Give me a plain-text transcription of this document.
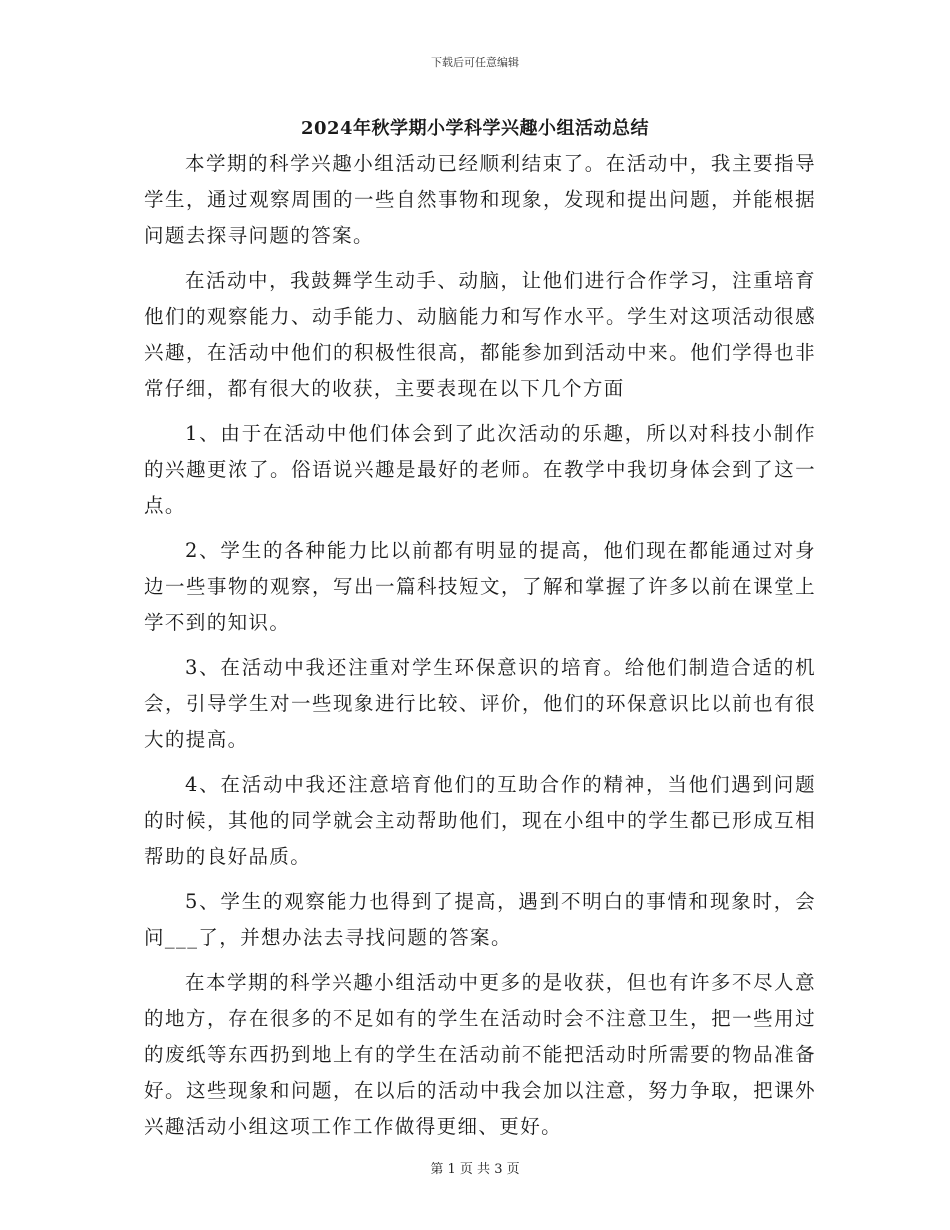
下载后可任意编辑
2024年秋学期小学科学兴趣小组活动总结

本学期的科学兴趣小组活动已经顺利结束了。在活动中，我主要指导学生，通过观察周围的一些自然事物和现象，发现和提出问题，并能根据问题去探寻问题的答案。

在活动中，我鼓舞学生动手、动脑，让他们进行合作学习，注重培育他们的观察能力、动手能力、动脑能力和写作水平。学生对这项活动很感兴趣，在活动中他们的积极性很高，都能参加到活动中来。他们学得也非常仔细，都有很大的收获，主要表现在以下几个方面

1、由于在活动中他们体会到了此次活动的乐趣，所以对科技小制作的兴趣更浓了。俗语说兴趣是最好的老师。在教学中我切身体会到了这一点。

2、学生的各种能力比以前都有明显的提高，他们现在都能通过对身边一些事物的观察，写出一篇科技短文，了解和掌握了许多以前在课堂上学不到的知识。

3、在活动中我还注重对学生环保意识的培育。给他们制造合适的机会，引导学生对一些现象进行比较、评价，他们的环保意识比以前也有很大的提高。

4、在活动中我还注意培育他们的互助合作的精神，当他们遇到问题的时候，其他的同学就会主动帮助他们，现在小组中的学生都已形成互相帮助的良好品质。

5、学生的观察能力也得到了提高，遇到不明白的事情和现象时，会问___了，并想办法去寻找问题的答案。

在本学期的科学兴趣小组活动中更多的是收获，但也有许多不尽人意的地方，存在很多的不足如有的学生在活动时会不注意卫生，把一些用过的废纸等东西扔到地上有的学生在活动前不能把活动时所需要的物品准备好。这些现象和问题，在以后的活动中我会加以注意，努力争取，把课外兴趣活动小组这项工作工作做得更细、更好。

第 1 页 共 3 页
